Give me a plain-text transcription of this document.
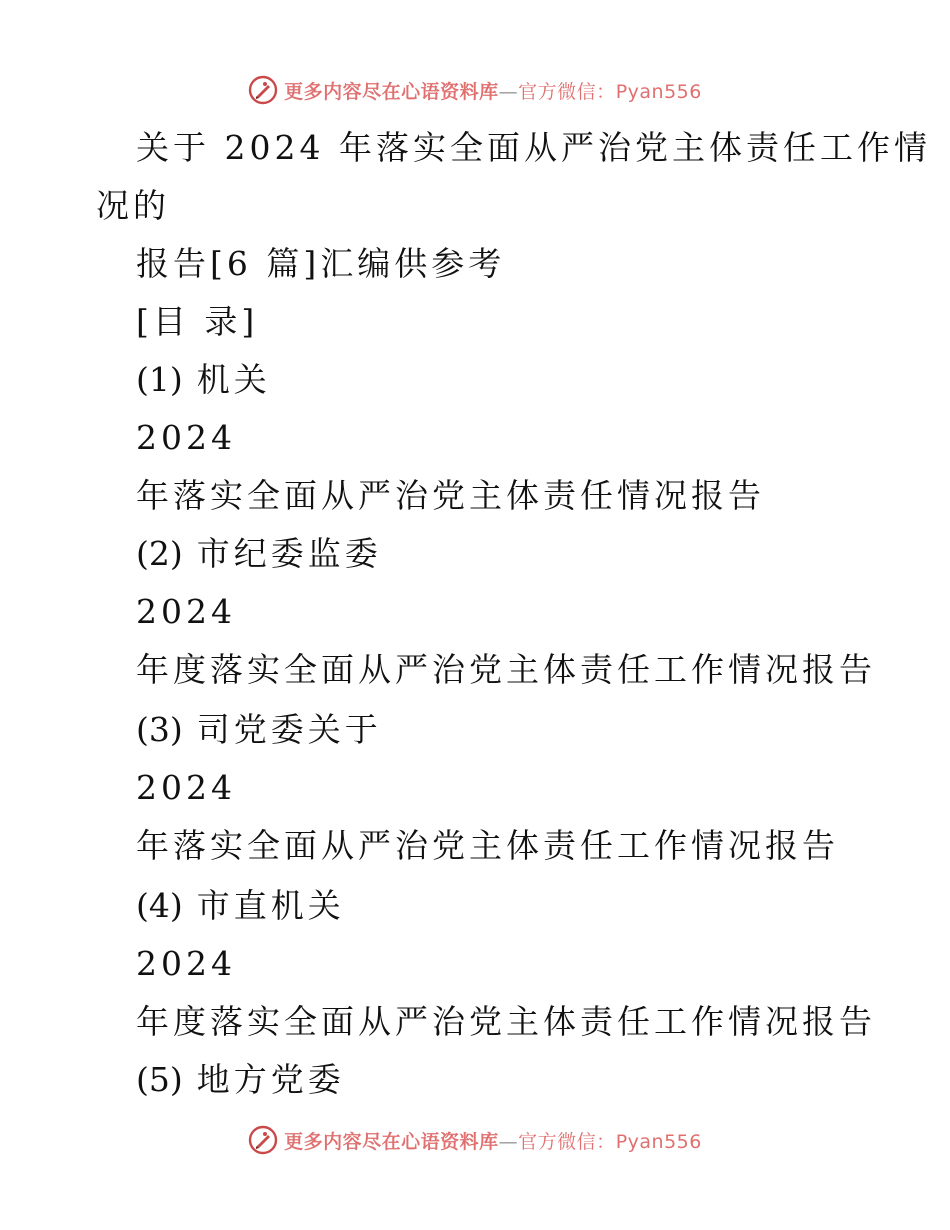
更多内容尽在心语资料库—官方微信：Pyan556
关于 2024 年落实全面从严治党主体责任工作情
况的
报告[6 篇]汇编供参考
[目 录]
(1) 机关
2024
年落实全面从严治党主体责任情况报告
(2) 市纪委监委
2024
年度落实全面从严治党主体责任工作情况报告
(3) 司党委关于
2024
年落实全面从严治党主体责任工作情况报告
(4) 市直机关
2024
年度落实全面从严治党主体责任工作情况报告
(5) 地方党委
更多内容尽在心语资料库—官方微信：Pyan556
